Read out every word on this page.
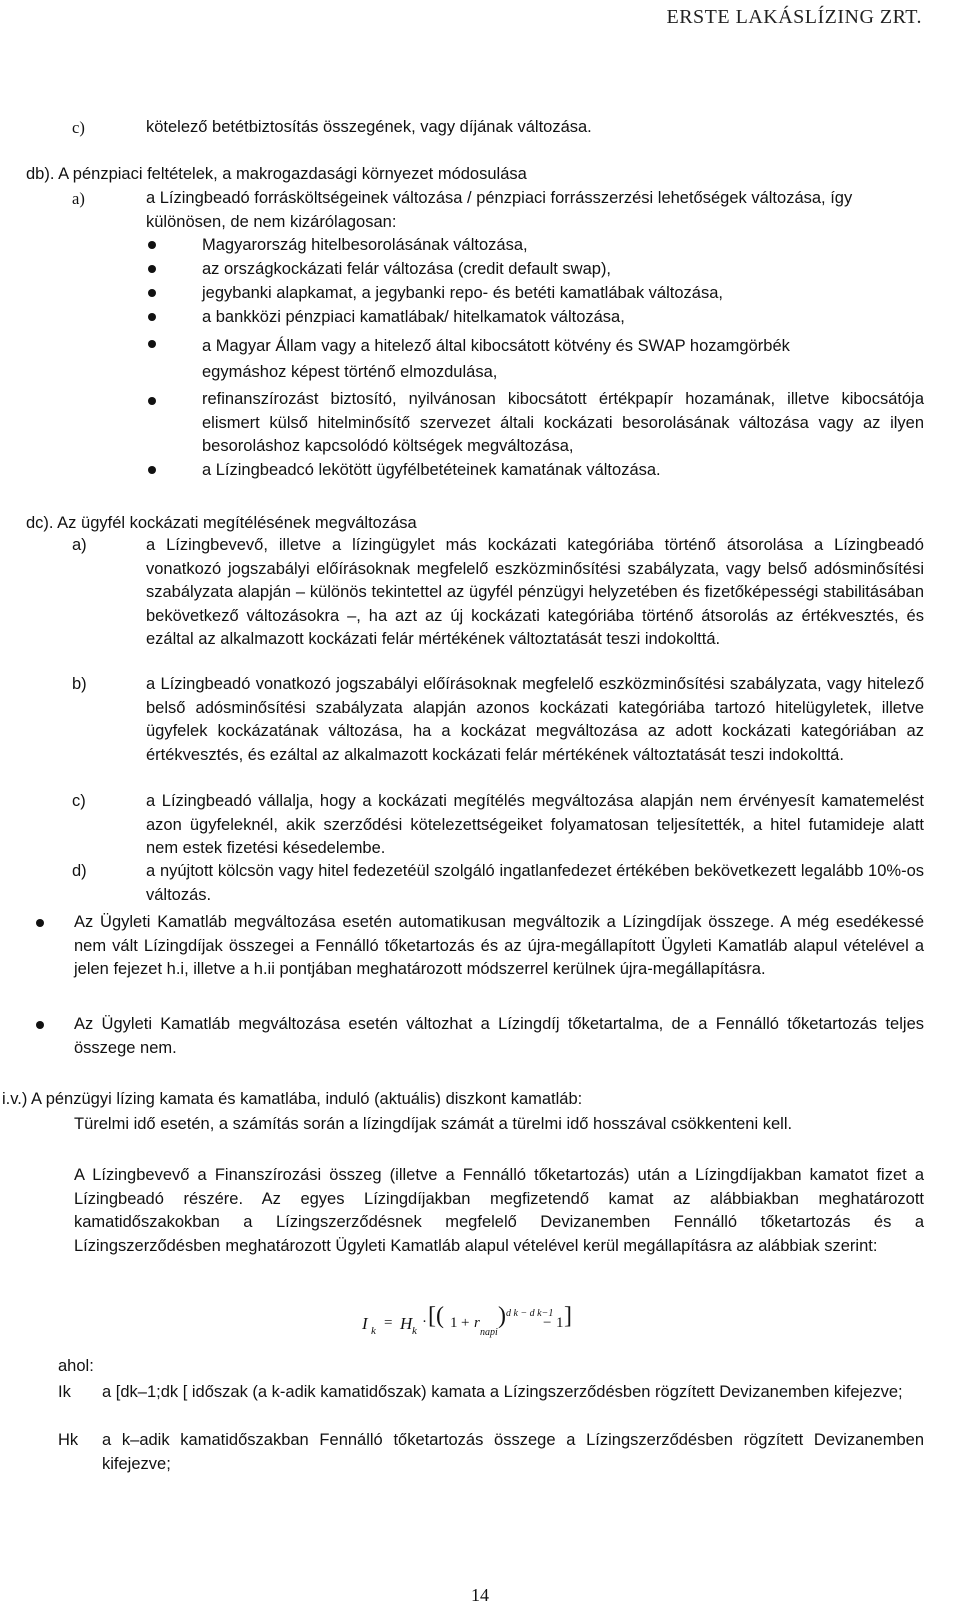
ERSTE LAKÁSLÍZING ZRT.
c)	kötelező betétbiztosítás összegének, vagy díjának változása.
db). A pénzpiaci feltételek, a makrogazdasági környezet módosulása
a)	a Lízingbeadó forrásköltségeinek változása / pénzpiaci forrásszerzési lehetőségek változása, így különösen, de nem kizárólagosan:
Magyarország hitelbesorolásának változása,
az országkockázati felár változása (credit default swap),
jegybanki alapkamat, a jegybanki repo- és betéti kamatlábak változása,
a bankközi pénzpiaci kamatlábak/ hitelkamatok változása,
a Magyar Állam vagy a hitelező által kibocsátott kötvény és SWAP hozamgörbék egymáshoz képest történő elmozdulása,
refinanszírozást biztosító, nyilvánosan kibocsátott értékpapír hozamának, illetve kibocsátója elismert külső hitelminősítő szervezet általi kockázati besorolásának változása vagy az ilyen besoroláshoz kapcsolódó költségek megváltozása,
a Lízingbeadcó lekötött ügyfélbetéteinek kamatának változása.
dc). Az ügyfél kockázati megítélésének megváltozása
a)	a Lízingbevevő, illetve a lízingügylet más kockázati kategóriába történő átsorolása a Lízingbeadó vonatkozó jogszabályi előírásoknak megfelelő eszközminősítési szabályzata, vagy belső adósminősítési szabályzata alapján – különös tekintettel az ügyfél pénzügyi helyzetében és fizetőképességi stabilitásában bekövetkező változásokra –, ha azt az új kockázati kategóriába történő átsorolás az értékvesztés, és ezáltal az alkalmazott kockázati felár mértékének változtatását teszi indokolttá.
b)	a Lízingbeadó vonatkozó jogszabályi előírásoknak megfelelő eszközminősítési szabályzata, vagy hitelező belső adósminősítési szabályzata alapján azonos kockázati kategóriába tartozó hitelügyletek, illetve ügyfelek kockázatának változása, ha a kockázat megváltozása az adott kockázati kategóriában az értékvesztés, és ezáltal az alkalmazott kockázati felár mértékének változtatását teszi indokolttá.
c)	a Lízingbeadó vállalja, hogy a kockázati megítélés megváltozása alapján nem érvényesít kamatemelést azon ügyfeleknél, akik szerződési kötelezettségeiket folyamatosan teljesítették, a hitel futamideje alatt nem estek fizetési késedelembe.
d)	a nyújtott kölcsön vagy hitel fedezetéül szolgáló ingatlanfedezet értékében bekövetkezett legalább 10%-os változás.
Az Ügyleti Kamatláb megváltozása esetén automatikusan megváltozik a Lízingdíjak összege. A még esedékessé nem vált Lízingdíjak összegei a Fennálló tőketartozás és az újra-megállapított Ügyleti Kamatláb alapul vételével a jelen fejezet h.i, illetve a h.ii pontjában meghatározott módszerrel kerülnek újra-megállapításra.
Az Ügyleti Kamatláb megváltozása esetén változhat a Lízingdíj tőketartalma, de a Fennálló tőketartozás teljes összege nem.
i.v.) A pénzügyi lízing kamata és kamatlába, induló (aktuális) diszkont kamatláb:
Türelmi idő esetén, a számítás során a lízingdíjak számát a türelmi idő hosszával csökkenteni kell.
A Lízingbevevő a Finanszírozási összeg (illetve a Fennálló tőketartozás) után a Lízingdíjakban kamatot fizet a Lízingbeadó részére. Az egyes Lízingdíjakban megfizetendő kamat az alábbiakban meghatározott kamatidőszakokban a Lízingszerződésnek megfelelő Devizanemben Fennálló tőketartozás és a Lízingszerződésben meghatározott Ügyleti Kamatláb alapul vételével kerül megállapításra az alábbiak szerint:
I k = H k
· [( 1 + r
napi
) d k − d k−1
− 1 ]
ahol:
Ik a [dk–1;dk [ időszak (a k-adik kamatidőszak) kamata a Lízingszerződésben rögzített Devizanemben kifejezve;
Hk a k–adik kamatidőszakban Fennálló tőketartozás összege a Lízingszerződésben rögzített Devizanemben kifejezve;
14
